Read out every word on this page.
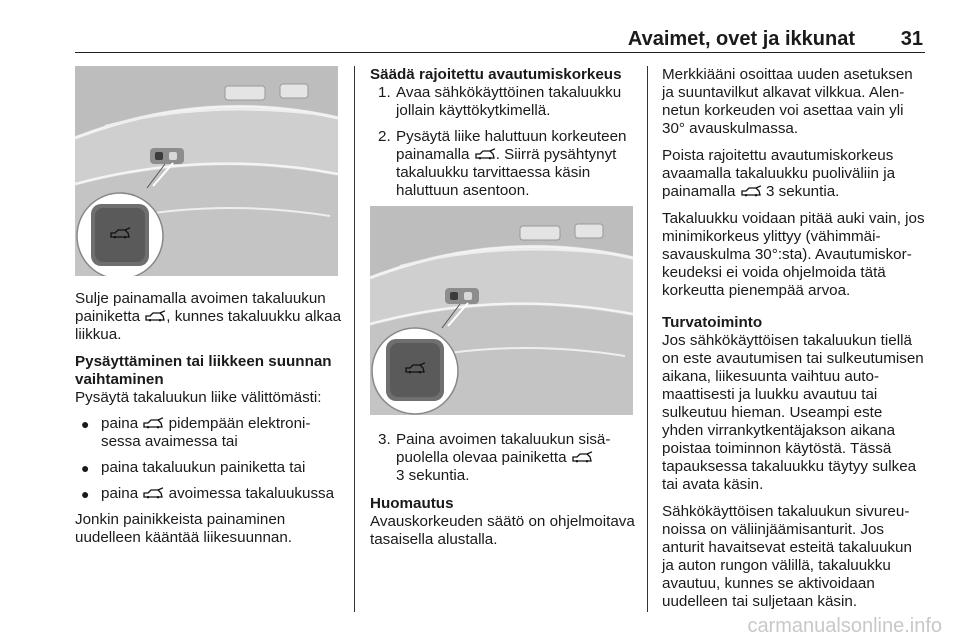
Avaimet, ovet ja ikkunat 31

Sulje painamalla avoimen takaluukun painiketta , kunnes takaluukku alkaa liikkua.

Pysäyttäminen tai liikkeen suunnan vaihtaminen

Pysäytä takaluukun liike välittömästi:

● paina pidempään elektronisessa avaimessa tai
● paina takaluukun painiketta tai
● paina avoimessa takaluukussa

Jonkin painikkeista painaminen uudelleen kääntää liikesuunnan.

Säädä rajoitettu avautumiskorkeus

1. Avaa sähkökäyttöinen takaluukku jollain käyttökytkimellä.
2. Pysäytä liike haluttuun korkeuteen painamalla . Siirrä pysähtynyt takaluukku tarvittaessa käsin haluttuun asentoon.
3. Paina avoimen takaluukun sisäpuolella olevaa painiketta
3 sekuntia.

Huomautus

Avauskorkeuden säätö on ohjelmoitava tasaisella alustalla.

Merkkiääni osoittaa uuden asetuksen ja suuntavilkut alkavat vilkkua. Alennetun korkeuden voi asettaa vain yli 30° avauskulmassa.

Poista rajoitettu avautumiskorkeus avaamalla takaluukku puoliväliin ja painamalla 3 sekuntia.

Takaluukku voidaan pitää auki vain, jos minimikorkeus ylittyy (vähimmäisavauskulma 30°:sta). Avautumiskorkeudeksi ei voida ohjelmoida tätä korkeutta pienempää arvoa.

Turvatoiminto

Jos sähkökäyttöisen takaluukun tiellä on este avautumisen tai sulkeutumisen aikana, liikesuunta vaihtuu automaattisesti ja luukku avautuu tai sulkeutuu hieman. Useampi este yhden virrankytkentäjakson aikana poistaa toiminnon käytöstä. Tässä tapauksessa takaluukku täytyy sulkea tai avata käsin.

Sähkökäyttöisen takaluukun sivureunoissa on väliinjäämisanturit. Jos anturit havaitsevat esteitä takaluukun ja auton rungon välillä, takaluukku avautuu, kunnes se aktivoidaan uudelleen tai suljetaan käsin.

carmanualsonline.info
